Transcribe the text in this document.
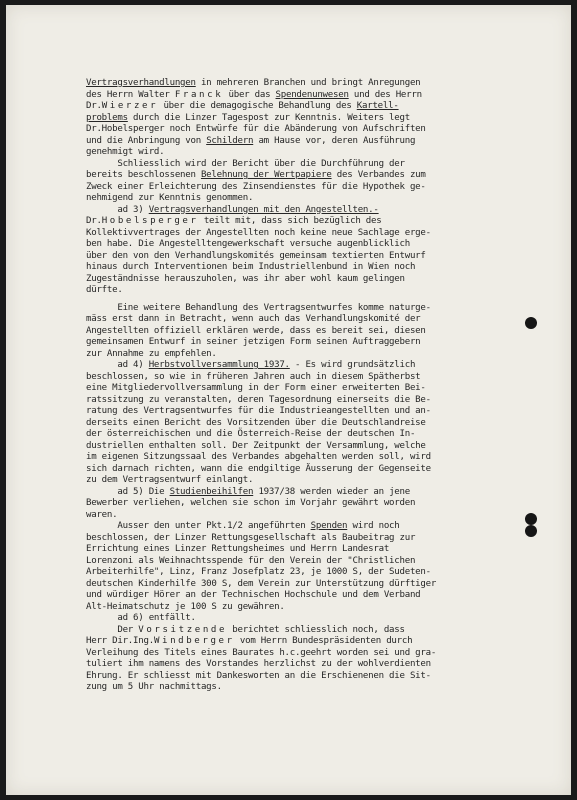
Vertragsverhandlungen in mehreren Branchen und bringt Anregungen
des Herrn Walter Franck über das Spendenunwesen und des Herrn
Dr.Wierzer über die demagogische Behandlung des Kartell-
problems durch die Linzer Tagespost zur Kenntnis. Weiters legt
Dr.Hobelsperger noch Entwürfe für die Abänderung von Aufschriften
und die Anbringung von Schildern am Hause vor, deren Ausführung
genehmigt wird.
Schliesslich wird der Bericht über die Durchführung der
bereits beschlossenen Belehnung der Wertpapiere des Verbandes zum
Zweck einer Erleichterung des Zinsendienstes für die Hypothek ge-
nehmigend zur Kenntnis genommen.
ad 3) Vertragsverhandlungen mit den Angestellten.-
Dr.Hobelsperger teilt mit, dass sich bezüglich des
Kollektivvertrages der Angestellten noch keine neue Sachlage erge-
ben habe. Die Angestelltengewerkschaft versuche augenblicklich
über den von den Verhandlungskomités gemeinsam textierten Entwurf
hinaus durch Interventionen beim Industriellenbund in Wien noch
Zugeständnisse herauszuholen, was ihr aber wohl kaum gelingen
dürfte.
Eine weitere Behandlung des Vertragsentwurfes komme naturge-
mäss erst dann in Betracht, wenn auch das Verhandlungskomité der
Angestellten offiziell erklären werde, dass es bereit sei, diesen
gemeinsamen Entwurf in seiner jetzigen Form seinen Auftraggebern
zur Annahme zu empfehlen.
ad 4) Herbstvollversammlung 1937. - Es wird grundsätzlich
beschlossen, so wie in früheren Jahren auch in diesem Spätherbst
eine Mitgliedervollversammlung in der Form einer erweiterten Bei-
ratssitzung zu veranstalten, deren Tagesordnung einerseits die Be-
ratung des Vertragsentwurfes für die Industrieangestellten und an-
derseits einen Bericht des Vorsitzenden über die Deutschlandreise
der österreichischen und die Österreich-Reise der deutschen In-
dustriellen enthalten soll. Der Zeitpunkt der Versammlung, welche
im eigenen Sitzungssaal des Verbandes abgehalten werden soll, wird
sich darnach richten, wann die endgiltige Äusserung der Gegenseite
zu dem Vertragsentwurf einlangt.
ad 5) Die Studienbeihilfen 1937/38 werden wieder an jene
Bewerber verliehen, welchen sie schon im Vorjahr gewährt worden
waren.
Ausser den unter Pkt.1/2 angeführten Spenden wird noch
beschlossen, der Linzer Rettungsgesellschaft als Baubeitrag zur
Errichtung eines Linzer Rettungsheimes und Herrn Landesrat
Lorenzoni als Weihnachtsspende für den Verein der "Christlichen
Arbeiterhilfe", Linz, Franz Josefplatz 23, je 1000 S, der Sudeten-
deutschen Kinderhilfe 300 S, dem Verein zur Unterstützung dürftiger
und würdiger Hörer an der Technischen Hochschule und dem Verband
Alt-Heimatschutz je 100 S zu gewähren.
ad 6) entfällt.
Der Vorsitzende berichtet schliesslich noch, dass
Herr Dir.Ing.Windberger vom Herrn Bundespräsidenten durch
Verleihung des Titels eines Baurates h.c.geehrt worden sei und gra-
tuliert ihm namens des Vorstandes herzlichst zu der wohlverdienten
Ehrung. Er schliesst mit Dankesworten an die Erschienenen die Sit-
zung um 5 Uhr nachmittags.
